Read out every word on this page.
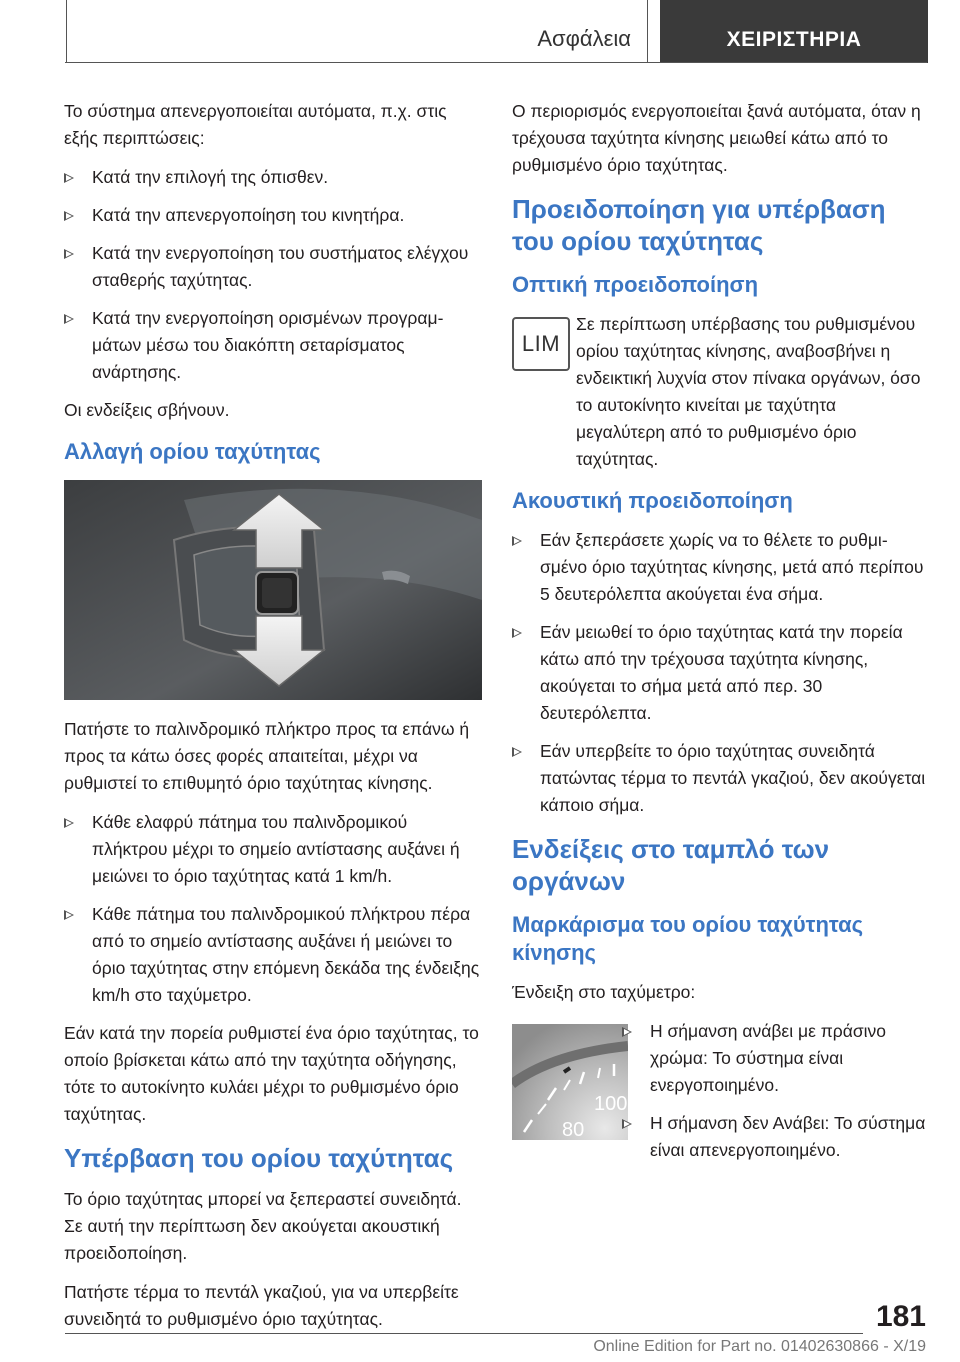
Ασφάλεια	ΧΕΙΡΙΣΤΗΡΙΑ

Το σύστημα απενεργοποιείται αυτόματα, π.χ. στις εξής περιπτώσεις:

Κατά την επιλογή της όπισθεν.
Κατά την απενεργοποίηση του κινητήρα.
Κατά την ενεργοποίηση του συστήματος ελέγχου σταθερής ταχύτητας.
Κατά την ενεργοποίηση ορισμένων προγραμμάτων μέσω του διακόπτη σεταρίσματος ανάρτησης.

Οι ενδείξεις σβήνουν.

Αλλαγή ορίου ταχύτητας

Πατήστε το παλινδρομικό πλήκτρο προς τα επάνω ή προς τα κάτω όσες φορές απαιτείται, μέχρι να ρυθμιστεί το επιθυμητό όριο ταχύτητας κίνησης.

Κάθε ελαφρύ πάτημα του παλινδρομικού πλήκτρου μέχρι το σημείο αντίστασης αυξάνει ή μειώνει το όριο ταχύτητας κατά 1 km/h.
Κάθε πάτημα του παλινδρομικού πλήκτρου πέρα από το σημείο αντίστασης αυξάνει ή μειώνει το όριο ταχύτητας στην επόμενη δεκάδα της ένδειξης km/h στο ταχύμετρο.

Εάν κατά την πορεία ρυθμιστεί ένα όριο ταχύτητας, το οποίο βρίσκεται κάτω από την ταχύτητα οδήγησης, τότε το αυτοκίνητο κυλάει μέχρι το ρυθμισμένο όριο ταχύτητας.

Υπέρβαση του ορίου ταχύτητας

Το όριο ταχύτητας μπορεί να ξεπεραστεί συνειδητά. Σε αυτή την περίπτωση δεν ακούγεται ακουστική προειδοποίηση.

Πατήστε τέρμα το πεντάλ γκαζιού, για να υπερβείτε συνειδητά το ρυθμισμένο όριο ταχύτητας.

Ο περιορισμός ενεργοποιείται ξανά αυτόματα, όταν η τρέχουσα ταχύτητα κίνησης μειωθεί κάτω από το ρυθμισμένο όριο ταχύτητας.

Προειδοποίηση για υπέρβαση του ορίου ταχύτητας
Οπτική προειδοποίηση
LIM

Σε περίπτωση υπέρβασης του ρυθμισμένου ορίου ταχύτητας κίνησης, αναβοσβήνει η ενδεικτική λυχνία στον πίνακα οργάνων, όσο το αυτοκίνητο κινείται με ταχύτητα μεγαλύτερη από το ρυθμισμένο όριο ταχύτητας.

Ακουστική προειδοποίηση
Εάν ξεπεράσετε χωρίς να το θέλετε το ρυθμισμένο όριο ταχύτητας κίνησης, μετά από περίπου 5 δευτερόλεπτα ακούγεται ένα σήμα.
Εάν μειωθεί το όριο ταχύτητας κατά την πορεία κάτω από την τρέχουσα ταχύτητα κίνησης, ακούγεται το σήμα μετά από περ. 30 δευτερόλεπτα.
Εάν υπερβείτε το όριο ταχύτητας συνειδητά πατώντας τέρμα το πεντάλ γκαζιού, δεν ακούγεται κάποιο σήμα.
Ενδείξεις στο ταμπλό των οργάνων
Μαρκάρισμα του ορίου ταχύτητας κίνησης

Ένδειξη στο ταχύμετρο:

100
80
Η σήμανση ανάβει με πράσινο χρώμα: Το σύστημα είναι ενεργοποιημένο.
Η σήμανση δεν Ανάβει: Το σύστημα είναι απενεργοποιημένο.
181
Online Edition for Part no. 01402630866 - X/19
